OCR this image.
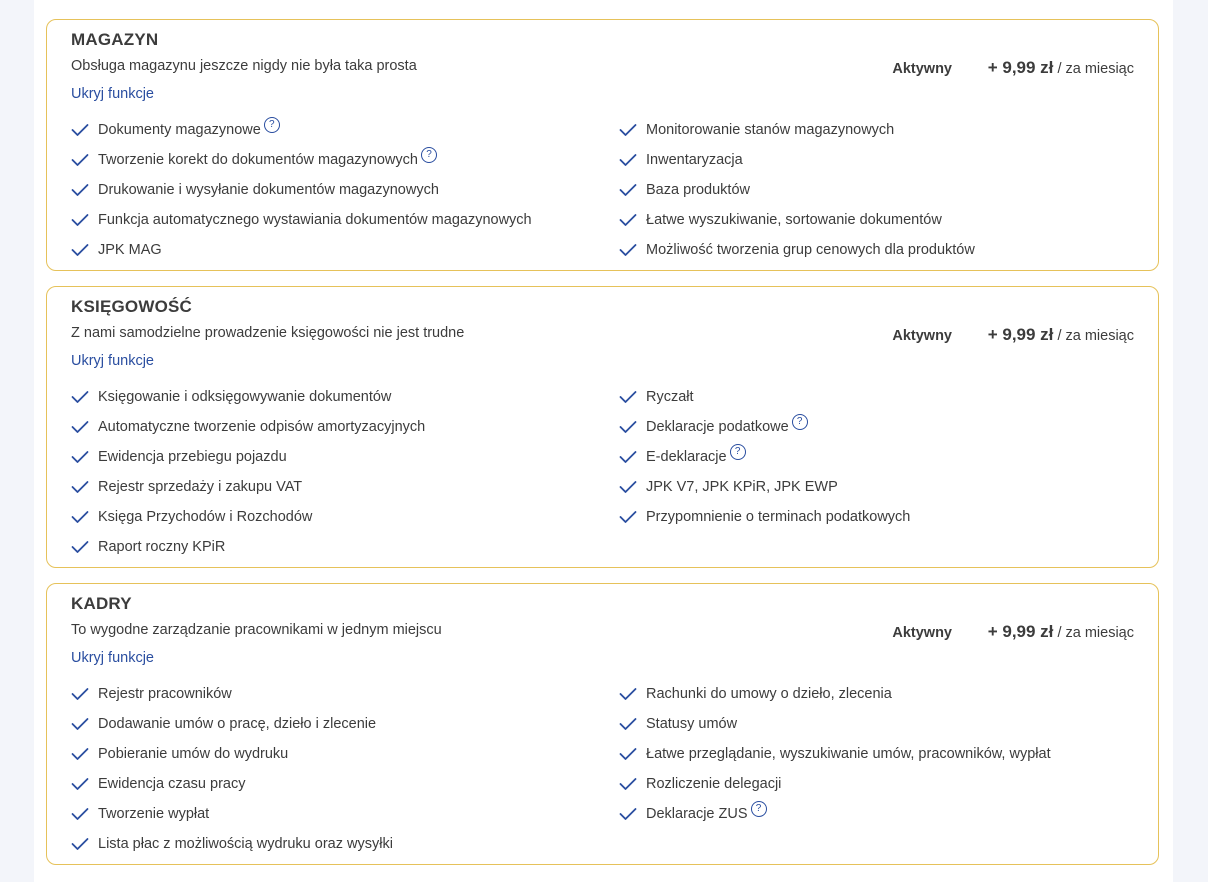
MAGAZYN
Obsługa magazynu jeszcze nigdy nie była taka prosta
Ukryj funkcje
Aktywny + 9,99 zł / za miesiąc
Dokumenty magazynowe ?
Tworzenie korekt do dokumentów magazynowych ?
Drukowanie i wysyłanie dokumentów magazynowych
Funkcja automatycznego wystawiania dokumentów magazynowych
JPK MAG
Monitorowanie stanów magazynowych
Inwentaryzacja
Baza produktów
Łatwe wyszukiwanie, sortowanie dokumentów
Możliwość tworzenia grup cenowych dla produktów
KSIĘGOWOŚĆ
Z nami samodzielne prowadzenie księgowości nie jest trudne
Ukryj funkcje
Aktywny + 9,99 zł / za miesiąc
Księgowanie i odksięgowywanie dokumentów
Automatyczne tworzenie odpisów amortyzacyjnych
Ewidencja przebiegu pojazdu
Rejestr sprzedaży i zakupu VAT
Księga Przychodów i Rozchodów
Raport roczny KPiR
Ryczałt
Deklaracje podatkowe ?
E-deklaracje ?
JPK V7, JPK KPiR, JPK EWP
Przypomnienie o terminach podatkowych
KADRY
To wygodne zarządzanie pracownikami w jednym miejscu
Ukryj funkcje
Aktywny + 9,99 zł / za miesiąc
Rejestr pracowników
Dodawanie umów o pracę, dzieło i zlecenie
Pobieranie umów do wydruku
Ewidencja czasu pracy
Tworzenie wypłat
Lista płac z możliwością wydruku oraz wysyłki
Rachunki do umowy o dzieło, zlecenia
Statusy umów
Łatwe przeglądanie, wyszukiwanie umów, pracowników, wypłat
Rozliczenie delegacji
Deklaracje ZUS ?
